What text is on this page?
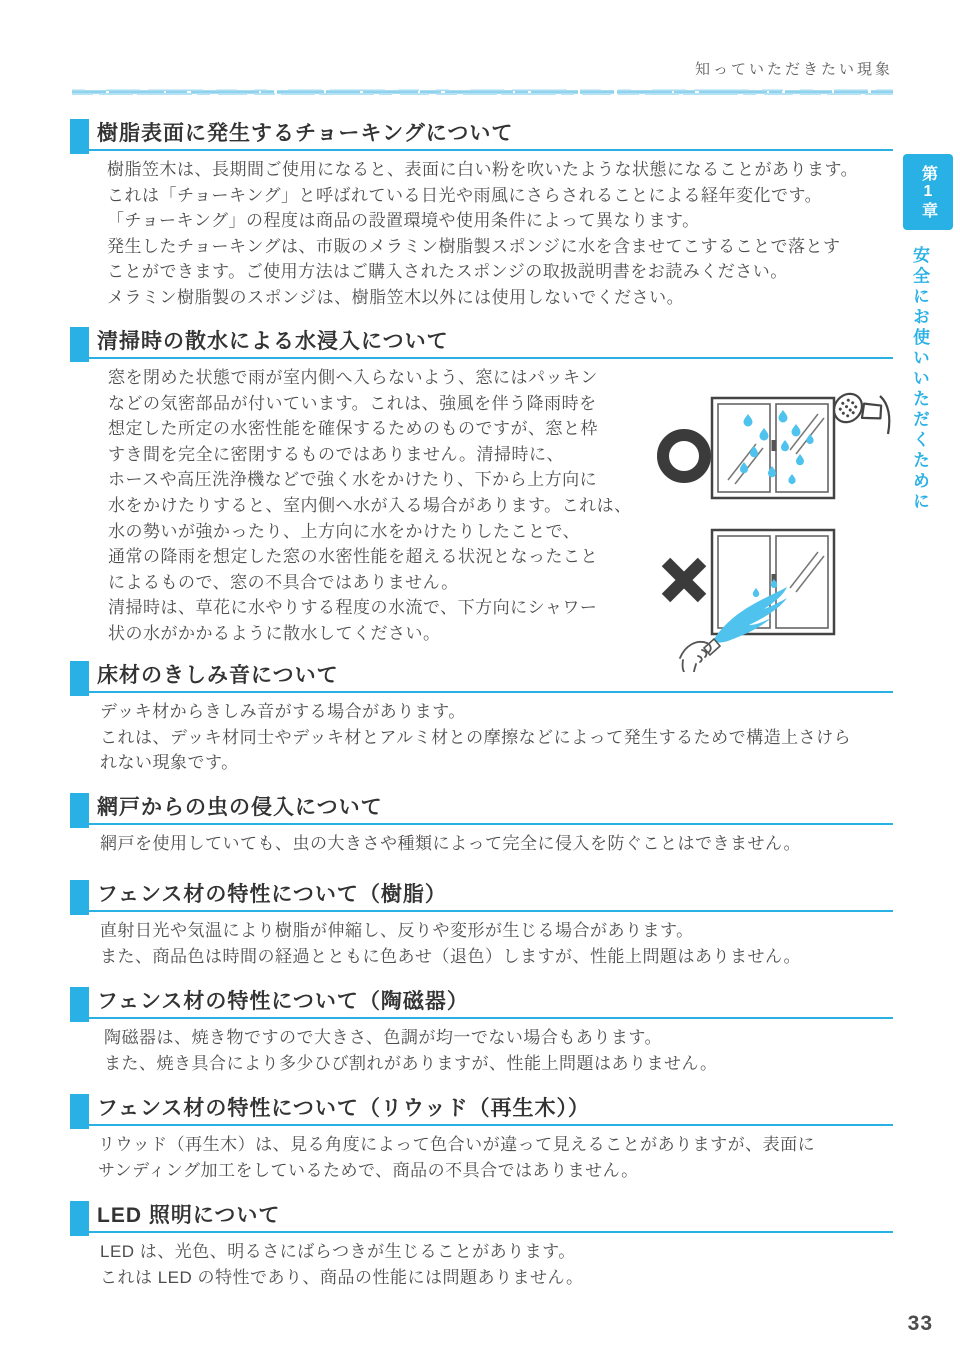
知っていただきたい現象
樹脂表面に発生するチョーキングについて

樹脂笠木は、長期間ご使用になると、表面に白い粉を吹いたような状態になることがあります。

これは「チョーキング」と呼ばれている日光や雨風にさらされることによる経年変化です。

「チョーキング」の程度は商品の設置環境や使用条件によって異なります。

発生したチョーキングは、市販のメラミン樹脂製スポンジに水を含ませてこすることで落とす

ことができます。ご使用方法はご購入されたスポンジの取扱説明書をお読みください。

メラミン樹脂製のスポンジは、樹脂笠木以外には使用しないでください。

清掃時の散水による水浸入について

窓を閉めた状態で雨が室内側へ入らないよう、窓にはパッキン

などの気密部品が付いています。これは、強風を伴う降雨時を

想定した所定の水密性能を確保するためのものですが、窓と枠

すき間を完全に密閉するものではありません。清掃時に、

ホースや高圧洗浄機などで強く水をかけたり、下から上方向に

水をかけたりすると、室内側へ水が入る場合があります。これは、

水の勢いが強かったり、上方向に水をかけたりしたことで、

通常の降雨を想定した窓の水密性能を超える状況となったこと

によるもので、窓の不具合ではありません。

清掃時は、草花に水やりする程度の水流で、下方向にシャワー

状の水がかかるように散水してください。

床材のきしみ音について

デッキ材からきしみ音がする場合があります。

これは、デッキ材同士やデッキ材とアルミ材との摩擦などによって発生するためで構造上さけら

れない現象です。

網戸からの虫の侵入について

網戸を使用していても、虫の大きさや種類によって完全に侵入を防ぐことはできません。

フェンス材の特性について（樹脂）

直射日光や気温により樹脂が伸縮し、反りや変形が生じる場合があります。

また、商品色は時間の経過とともに色あせ（退色）しますが、性能上問題はありません。

フェンス材の特性について（陶磁器）

陶磁器は、焼き物ですので大きさ、色調が均一でない場合もあります。

また、焼き具合により多少ひび割れがありますが、性能上問題はありません。

フェンス材の特性について（リウッド（再生木））

リウッド（再生木）は、見る角度によって色合いが違って見えることがありますが、表面に

サンディング加工をしているためで、商品の不具合ではありません。

LED 照明について

LED は、光色、明るさにばらつきが生じることがあります。

これは LED の特性であり、商品の性能には問題ありません。

第1章
安全にお使いいただくために
33
